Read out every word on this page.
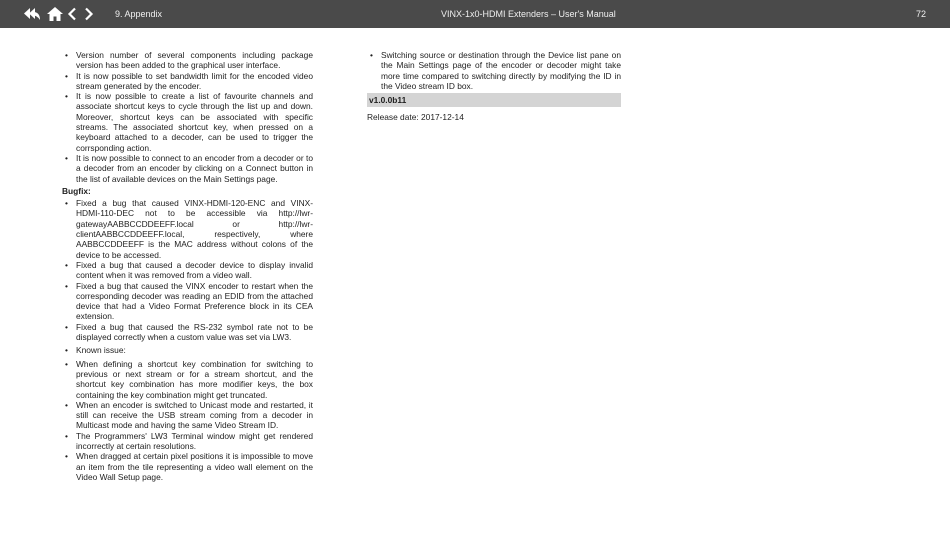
9. Appendix	VINX-1x0-HDMI Extenders – User's Manual	72
• Version number of several components including package version has been added to the graphical user interface.
• It is now possible to set bandwidth limit for the encoded video stream generated by the encoder.
• It is now possible to create a list of favourite channels and associate shortcut keys to cycle through the list up and down. Moreover, shortcut keys can be associated with specific streams. The associated shortcut key, when pressed on a keyboard attached to a decoder, can be used to trigger the corrsponding action.
• It is now possible to connect to an encoder from a decoder or to a decoder from an encoder by clicking on a Connect button in the list of available devices on the Main Settings page.
Bugfix:
• Fixed a bug that caused VINX-HDMI-120-ENC and VINX-HDMI-110-DEC not to be accessible via http://lwr-gatewayAABBCCDDEEFF.local or http://lwr-clientAABBCCDDEEFF.local, respectively, where AABBCCDDEEFF is the MAC address without colons of the device to be accessed.
• Fixed a bug that caused a decoder device to display invalid content when it was removed from a video wall.
• Fixed a bug that caused the VINX encoder to restart when the corresponding decoder was reading an EDID from the attached device that had a Video Format Preference block in its CEA extension.
• Fixed a bug that caused the RS-232 symbol rate not to be displayed correctly when a custom value was set via LW3.
• Known issue:
• When defining a shortcut key combination for switching to previous or next stream or for a stream shortcut, and the shortcut key combination has more modifier keys, the box containing the key combination might get truncated.
• When an encoder is switched to Unicast mode and restarted, it still can receive the USB stream coming from a decoder in Multicast mode and having the same Video Stream ID.
• The Programmers' LW3 Terminal window might get rendered incorrectly at certain resolutions.
• When dragged at certain pixel positions it is impossible to move an item from the tile representing a video wall element on the Video Wall Setup page.
• Switching source or destination through the Device list pane on the Main Settings page of the encoder or decoder might take more time compared to switching directly by modifying the ID in the Video stream ID box.
v1.0.0b11
Release date: 2017-12-14
